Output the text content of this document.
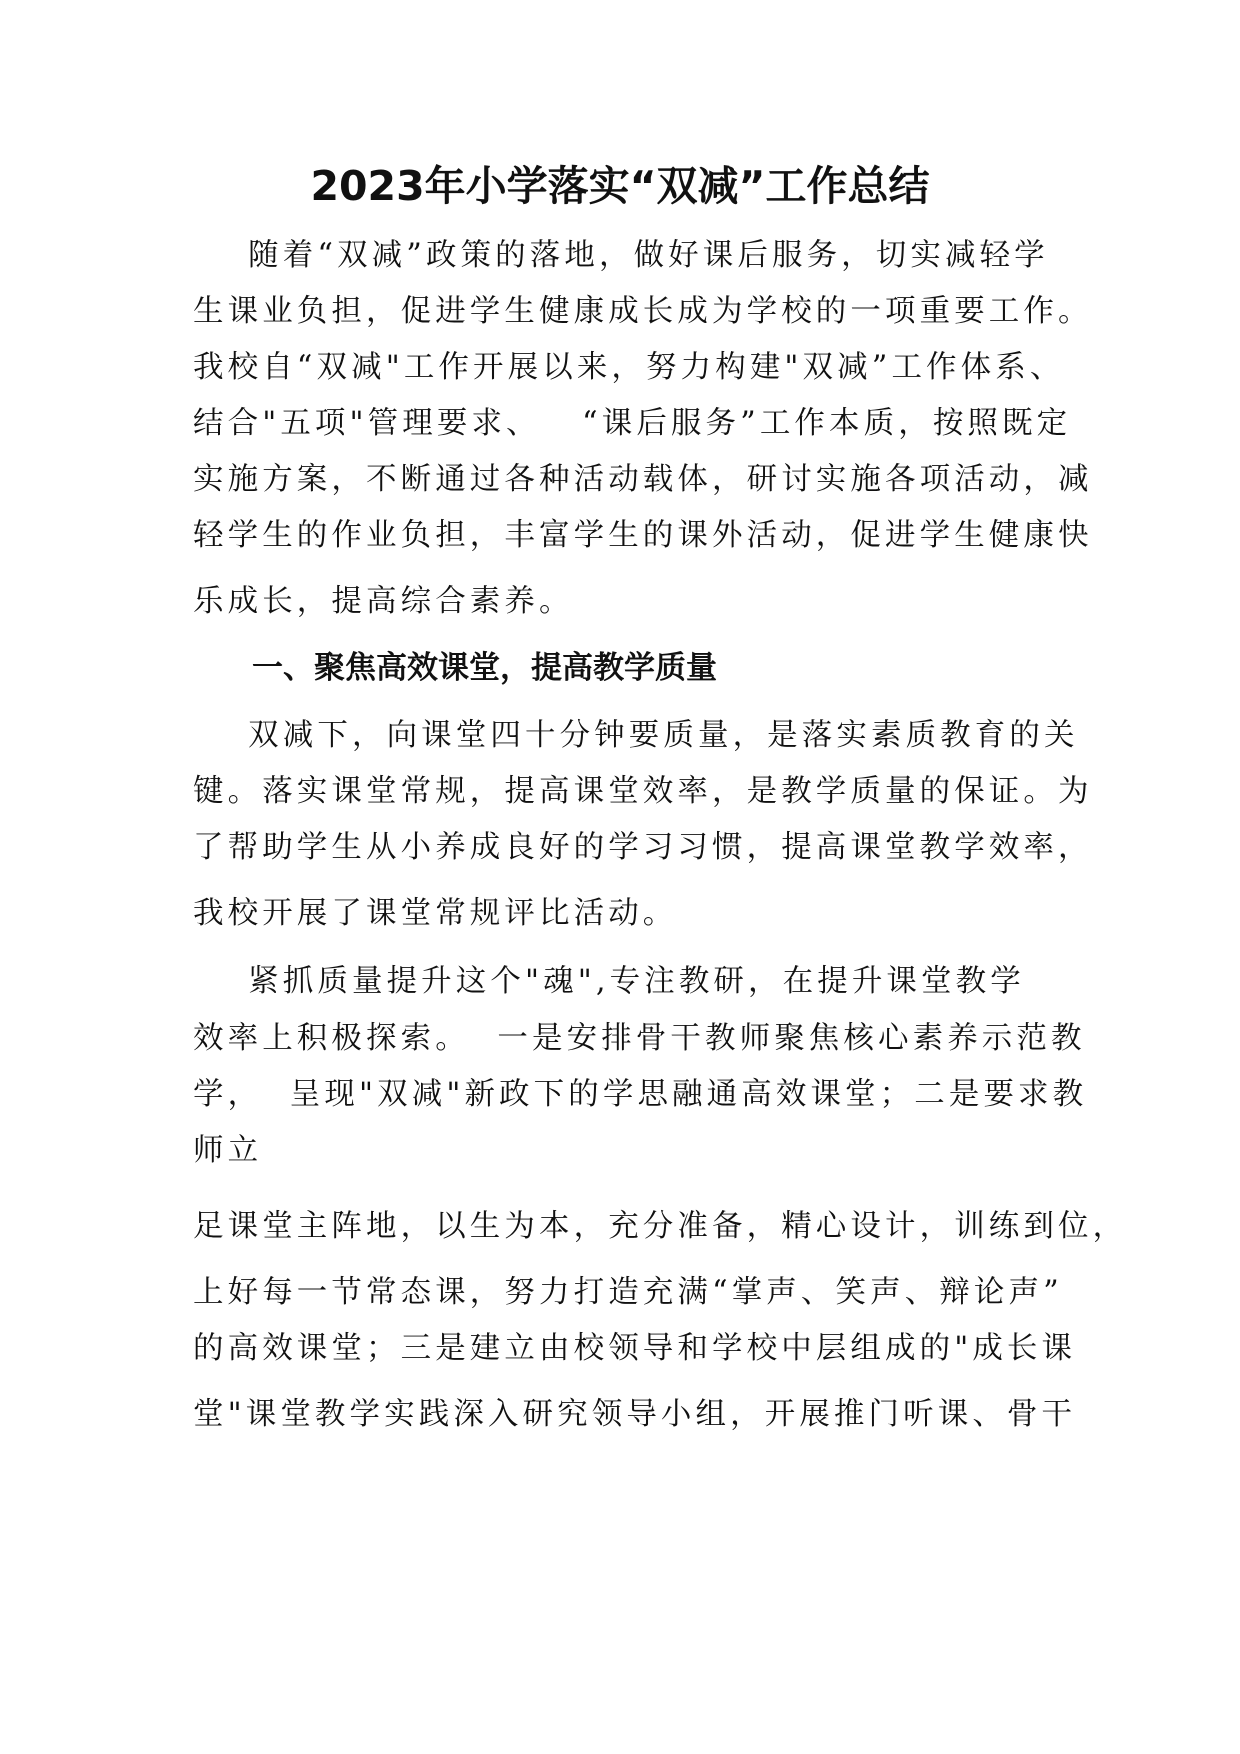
2023年小学落实“双减”工作总结

随着“双减”政策的落地，做好课后服务，切实减轻学

生课业负担，促进学生健康成长成为学校的一项重要工作。

我校自“双减"工作开展以来，努力构建"双减”工作体系、

结合"五项"管理要求、   “课后服务”工作本质，按照既定

实施方案，不断通过各种活动载体，研讨实施各项活动，减

轻学生的作业负担，丰富学生的课外活动，促进学生健康快

乐成长，提高综合素养。

一、聚焦高效课堂，提高教学质量

双减下，向课堂四十分钟要质量，是落实素质教育的关

键。落实课堂常规，提高课堂效率，是教学质量的保证。为

了帮助学生从小养成良好的学习习惯，提高课堂教学效率，

我校开展了课堂常规评比活动。

紧抓质量提升这个"魂",专注教研，在提升课堂教学

效率上积极探索。  一是安排骨干教师聚焦核心素养示范教

学，  呈现"双减"新政下的学思融通高效课堂；二是要求教

师立

足课堂主阵地，以生为本，充分准备，精心设计，训练到位，

上好每一节常态课，努力打造充满“掌声、笑声、辩论声”

的高效课堂；三是建立由校领导和学校中层组成的"成长课

堂"课堂教学实践深入研究领导小组，开展推门听课、骨干
